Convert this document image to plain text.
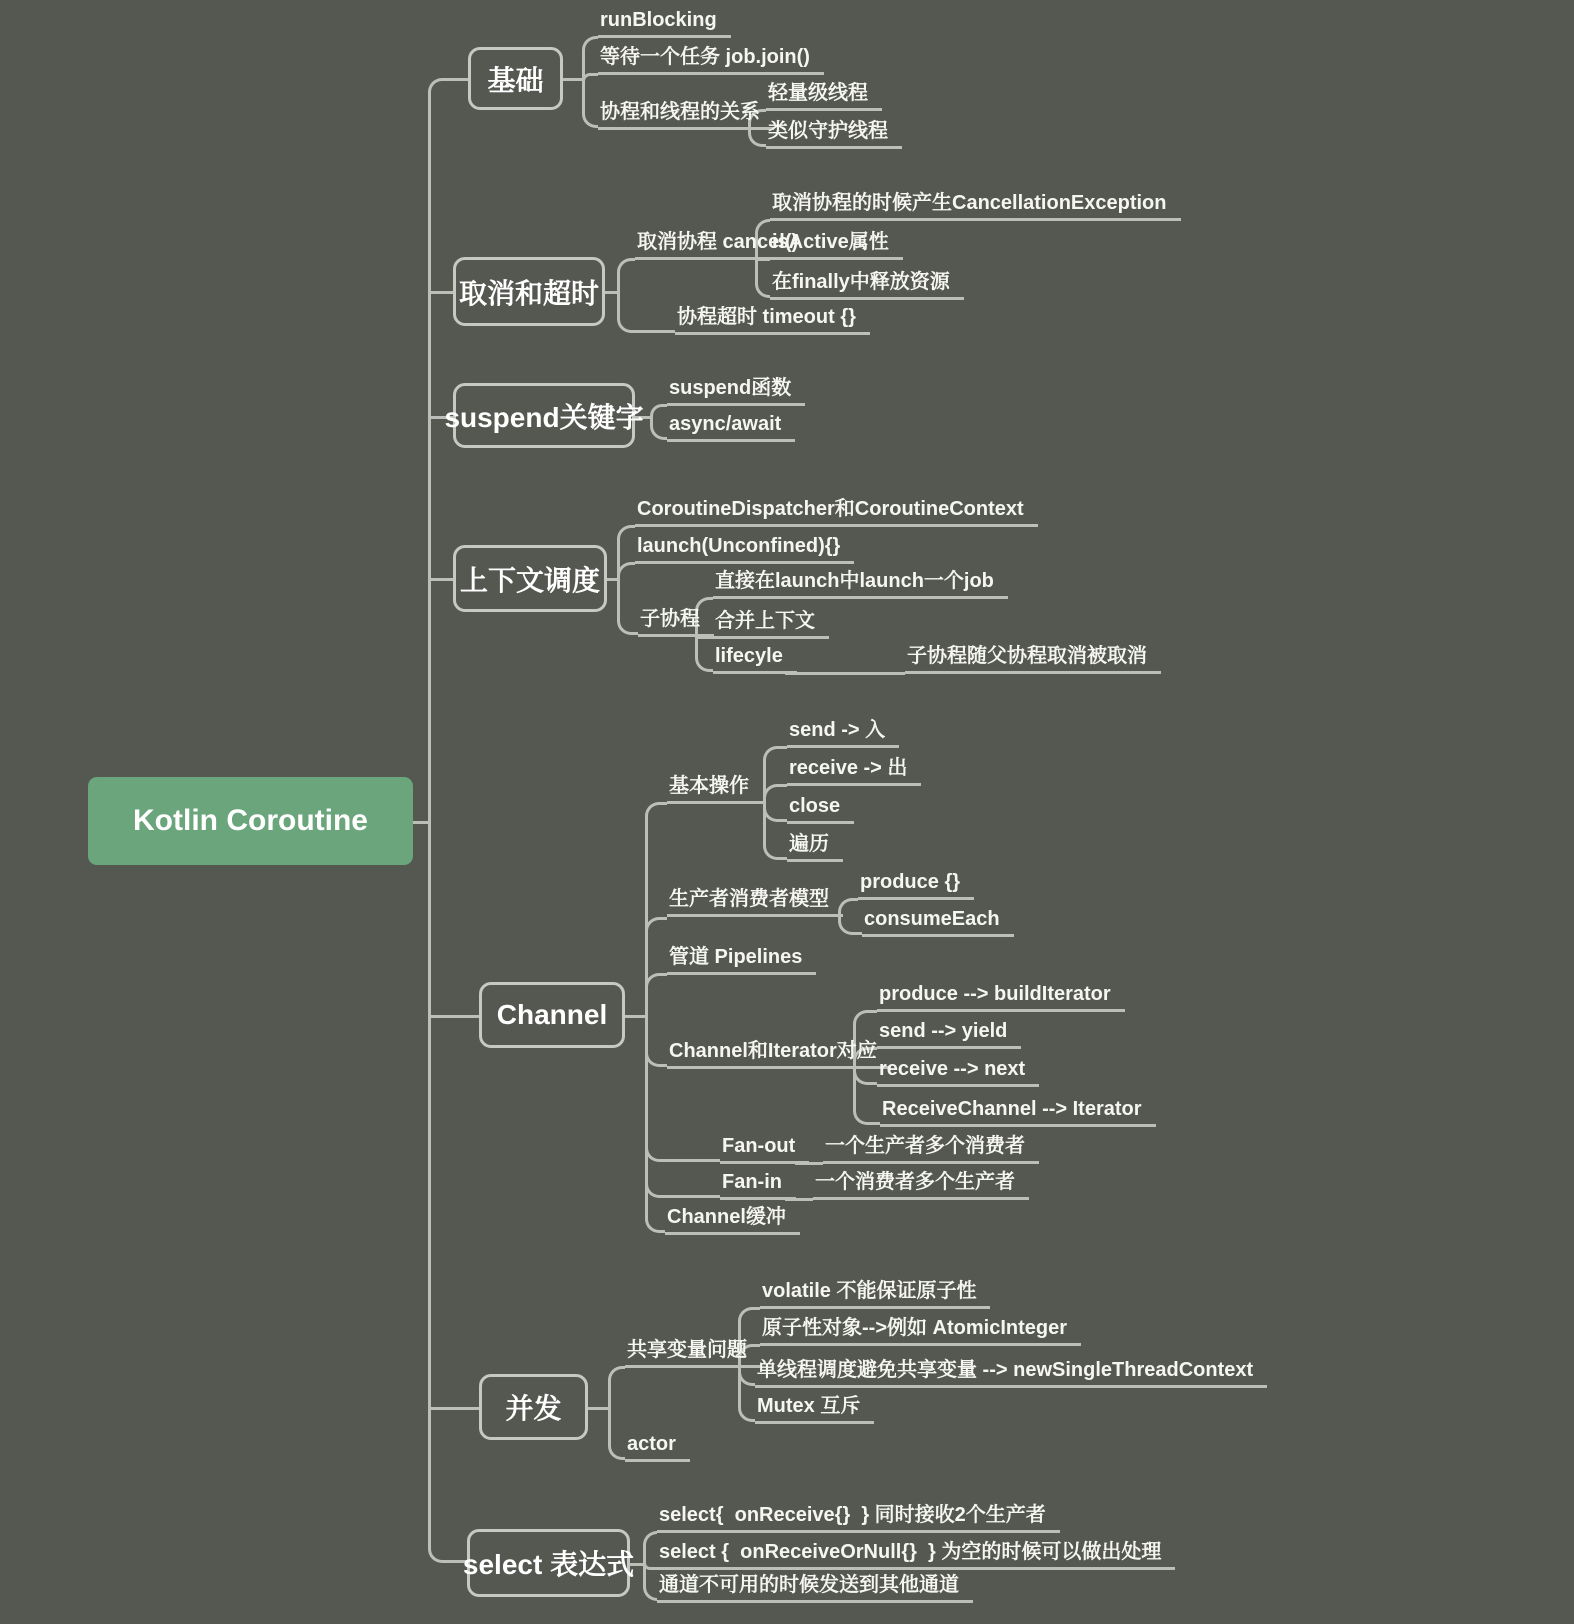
Kotlin Coroutine
基础
取消和超时
suspend关键字
上下文调度
Channel
并发
select 表达式
runBlocking
等待一个任务 job.join()
协程和线程的关系
轻量级线程
类似守护线程
取消协程 cancel()
取消协程的时候产生CancellationException
isActive属性
在finally中释放资源
协程超时 timeout {}
suspend函数
async/await
CoroutineDispatcher和CoroutineContext
launch(Unconfined){}
子协程
直接在launch中launch一个job
合并上下文
lifecyle	子协程随父协程取消被取消
基本操作
send -> 入
receive -> 出
close
遍历
生产者消费者模型
produce {}
consumeEach
管道 Pipelines
Channel和Iterator对应
produce --> buildIterator
send --> yield
receive --> next
ReceiveChannel --> Iterator
Fan-out	一个生产者多个消费者
Fan-in	一个消费者多个生产者
Channel缓冲
共享变量问题
volatile 不能保证原子性
原子性对象-->例如 AtomicInteger
单线程调度避免共享变量 --> newSingleThreadContext
Mutex 互斥
actor
select{  onReceive{}  } 同时接收2个生产者
select {  onReceiveOrNull{}  } 为空的时候可以做出处理
通道不可用的时候发送到其他通道
